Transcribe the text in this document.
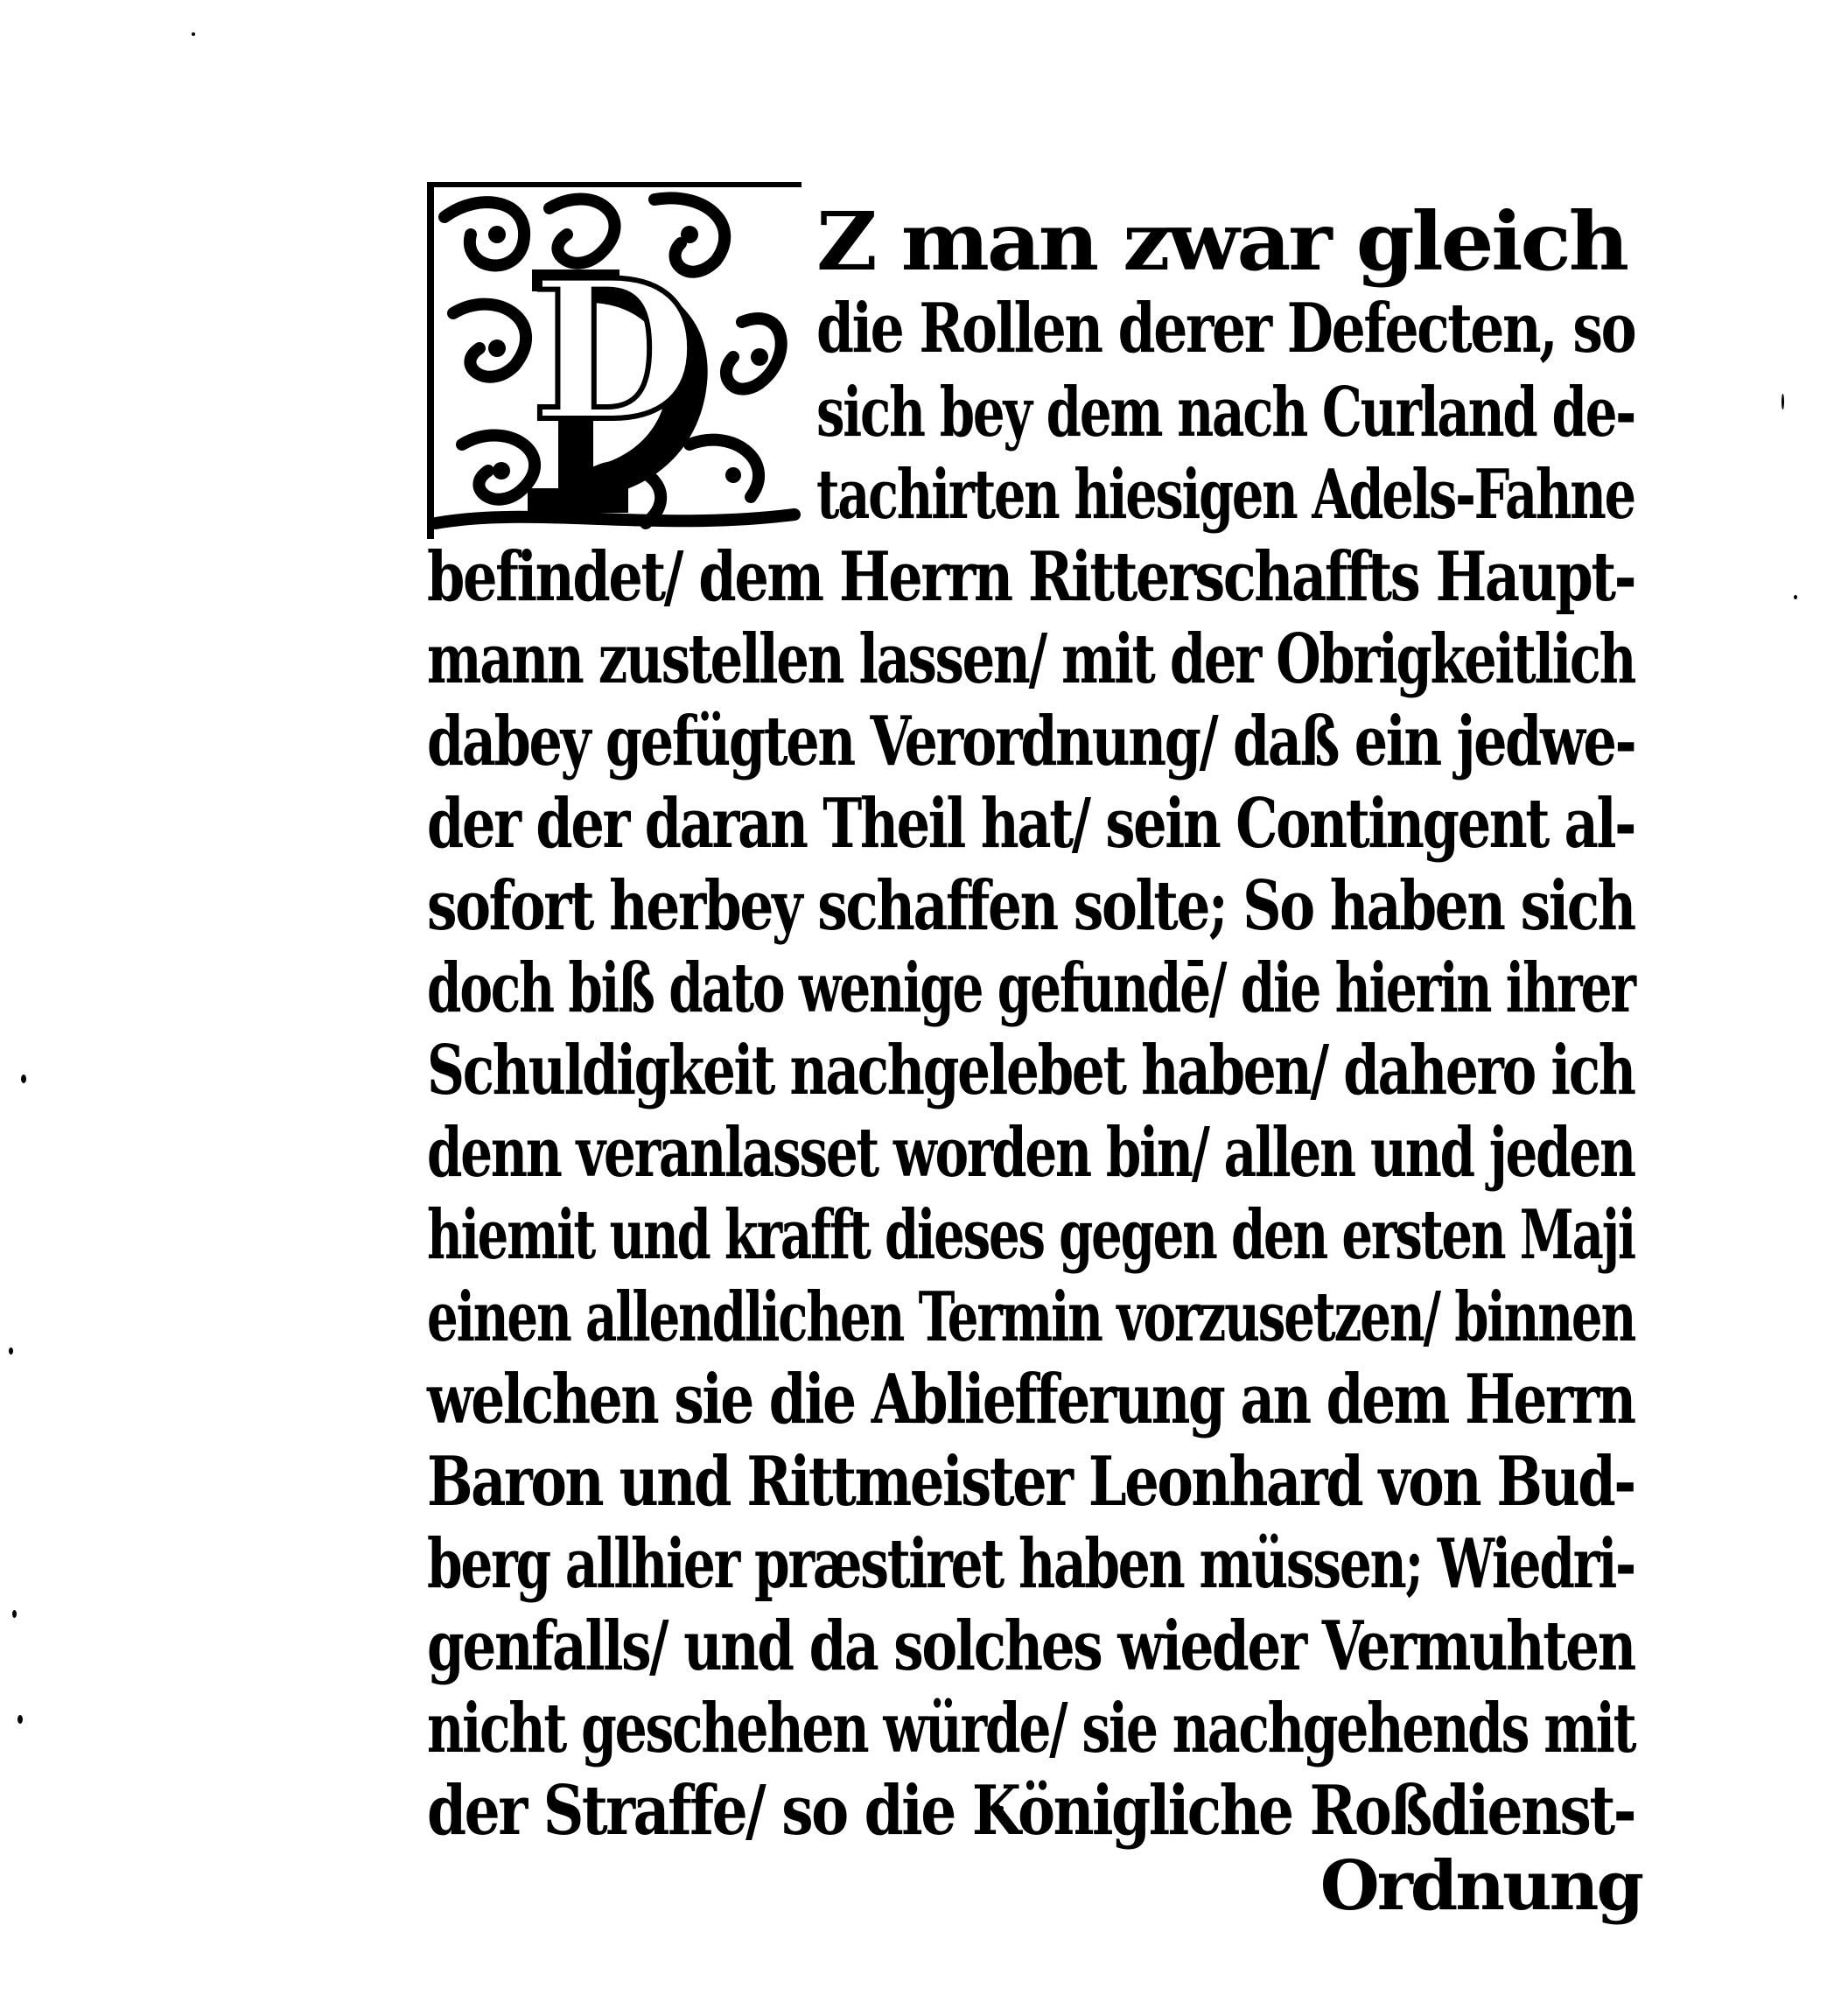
D Z man zwar gleich
die Rollen derer Defecten, so
sich bey dem nach Curland de-
tachirten hiesigen Adels-Fahne
befindet/ dem Herrn Ritterschaffts Haupt-
mann zustellen lassen/ mit der Obrigkeitlich
dabey gefügten Verordnung/ daß ein jedwe-
der der daran Theil hat/ sein Contingent al-
sofort herbey schaffen solte; So haben sich
doch biß dato wenige gefundē/ die hierin ihrer
Schuldigkeit nachgelebet haben/ dahero ich
denn veranlasset worden bin/ allen und jeden
hiemit und krafft dieses gegen den ersten Maji
einen allendlichen Termin vorzusetzen/ binnen
welchen sie die Abliefferung an dem Herrn
Baron und Rittmeister Leonhard von Bud-
berg allhier præstiret haben müssen; Wiedri-
genfalls/ und da solches wieder Vermuhten
nicht geschehen würde/ sie nachgehends mit
der Straffe/ so die Königliche Roßdienst-
Ordnung
